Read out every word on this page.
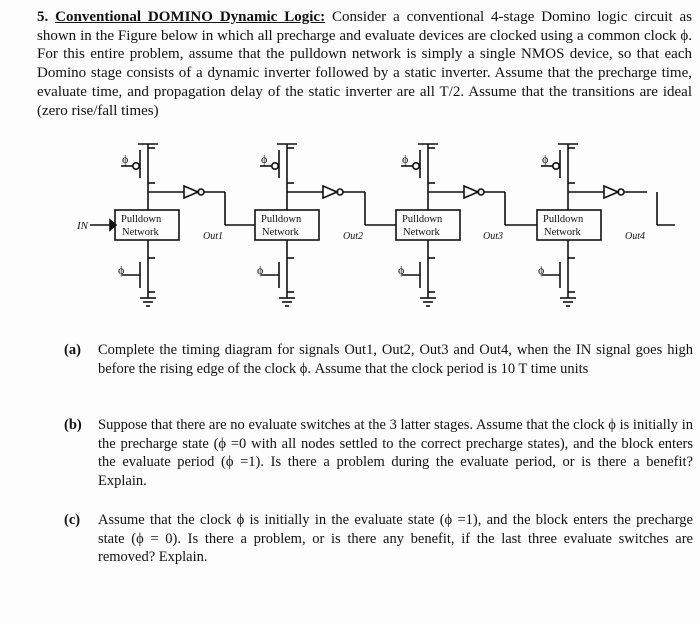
5. Conventional DOMINO Dynamic Logic: Consider a conventional 4-stage Domino logic circuit as shown in the Figure below in which all precharge and evaluate devices are clocked using a common clock ϕ. For this entire problem, assume that the pulldown network is simply a single NMOS device, so that each Domino stage consists of a dynamic inverter followed by a static inverter. Assume that the precharge time, evaluate time, and propagation delay of the static inverter are all T/2. Assume that the transitions are ideal (zero rise/fall times)
IN
Pulldown
Network
ϕ
Out1
ϕ
Pulldown
Network
ϕ
Out2
ϕ
Pulldown
Network
ϕ
Out3
ϕ
Pulldown
Network
ϕ
Out4
ϕ
(a) Complete the timing diagram for signals Out1, Out2, Out3 and Out4, when the IN signal goes high before the rising edge of the clock ϕ. Assume that the clock period is 10 T time units
(b) Suppose that there are no evaluate switches at the 3 latter stages. Assume that the clock ϕ is initially in the precharge state (ϕ =0 with all nodes settled to the correct precharge states), and the block enters the evaluate period (ϕ =1). Is there a problem during the evaluate period, or is there a benefit? Explain.
(c) Assume that the clock ϕ is initially in the evaluate state (ϕ =1), and the block enters the precharge state (ϕ = 0). Is there a problem, or is there any benefit, if the last three evaluate switches are removed? Explain.
